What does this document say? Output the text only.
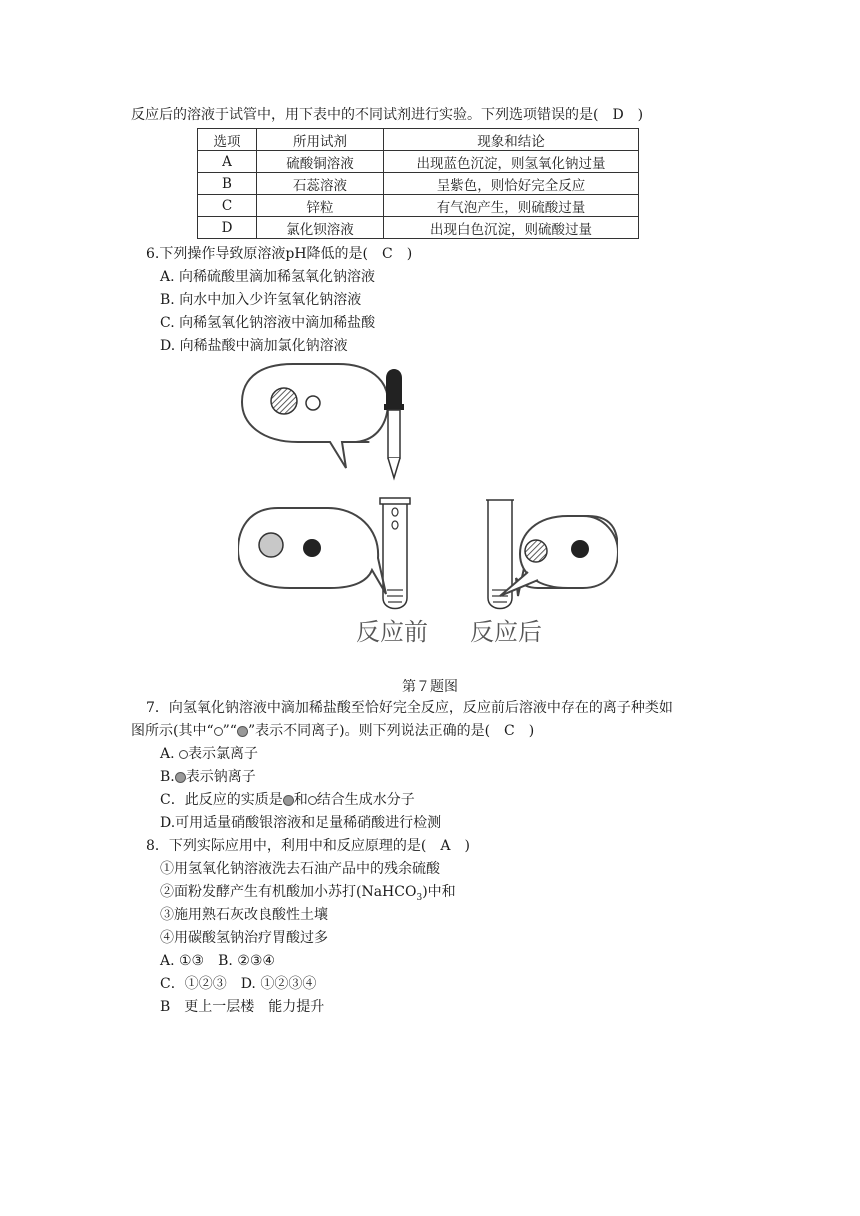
反应后的溶液于试管中，用下表中的不同试剂进行实验。下列选项错误的是(　D　)
选项	所用试剂	现象和结论
A	硫酸铜溶液	出现蓝色沉淀，则氢氧化钠过量
B	石蕊溶液	呈紫色，则恰好完全反应
C	锌粒	有气泡产生，则硫酸过量
D	氯化钡溶液	出现白色沉淀，则硫酸过量
6.下列操作导致原溶液pH降低的是(　C　)
A. 向稀硫酸里滴加稀氢氧化钠溶液
B. 向水中加入少许氢氧化钠溶液
C. 向稀氢氧化钠溶液中滴加稀盐酸
D. 向稀盐酸中滴加氯化钠溶液
反应前 反应后
第７题图
7．向氢氧化钠溶液中滴加稀盐酸至恰好完全反应，反应前后溶液中存在的离子种类如
图所示(其中“ ”“ ”表示不同离子)。则下列说法正确的是(　C　)
A. 表示氯离子
B. 表示钠离子
C．此反应的实质是 和 结合生成水分子
D.可用适量硝酸银溶液和足量稀硝酸进行检测
8．下列实际应用中，利用中和反应原理的是(　A　)
①用氢氧化钠溶液洗去石油产品中的残余硫酸
②面粉发酵产生有机酸加小苏打(NaHCO$_3$)中和
③施用熟石灰改良酸性土壤
④用碳酸氢钠治疗胃酸过多
A. ①③　B. ②③④
C．①②③　D. ①②③④
B　更上一层楼　能力提升
